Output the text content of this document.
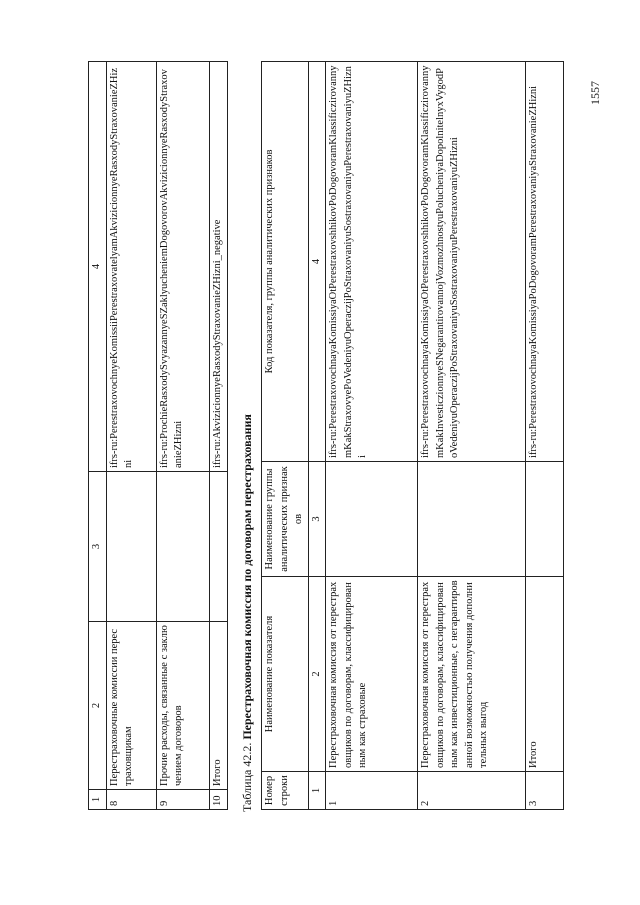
1	2	3	4
8	Перестраховочные комиссии перестраховщикам		ifrs-ru:PerestraxovochnyeKomissiiPerestraxovatelyamAkvizicionnyeRasxodyStraxovanieZHizni
9	Прочие расходы, связанные с заключением договоров		ifrs-ru:ProchieRasxodySvyazannyeSZaklyucheniemDogovorovAkvizicionnyeRasxodyStraxovanieZHizni
10	Итого		ifrs-ru:AkvizicionnyeRasxodyStraxovanieZHizni_negative
Таблица 42.2. Перестраховочная комиссия по договорам перестрахования
Номер строки	Наименование показателя	Наименование группы аналитических признаков	Код показателя, группы аналитических признаков
1	2	3	4
1	Перестраховочная комиссия от перестраховщиков по договорам, классифицированным как страховые		ifrs-ru:PerestraxovochnayaKomissiyaOtPerestraxovshhikovPoDogovoramKlassificzirovannymKakStraxovyePoVedeniyuOperaczijPoStraxovaniyuSostraxovaniyuPerestraxovaniyuZHizni
2	Перестраховочная комиссия от перестраховщиков по договорам, классифицированным как инвестиционные, с негарантированной возможностью получения дополнительных выгод		ifrs-ru:PerestraxovochnayaKomissiyaOtPerestraxovshhikovPoDogovoramKlassificzirovannymKakInvesticzionnyeSNegarantirovannojVozmozhnostyuPolucheniyaDopolnitelnyxVygodPoVedeniyuOperaczijPoStraxovaniyuSostraxovaniyuPerestraxovaniyuZHizni
3	Итого		ifrs-ru:PerestraxovochnayaKomissiyaPoDogovoramPerestraxovaniyaStraxovanieZHizni	1557
